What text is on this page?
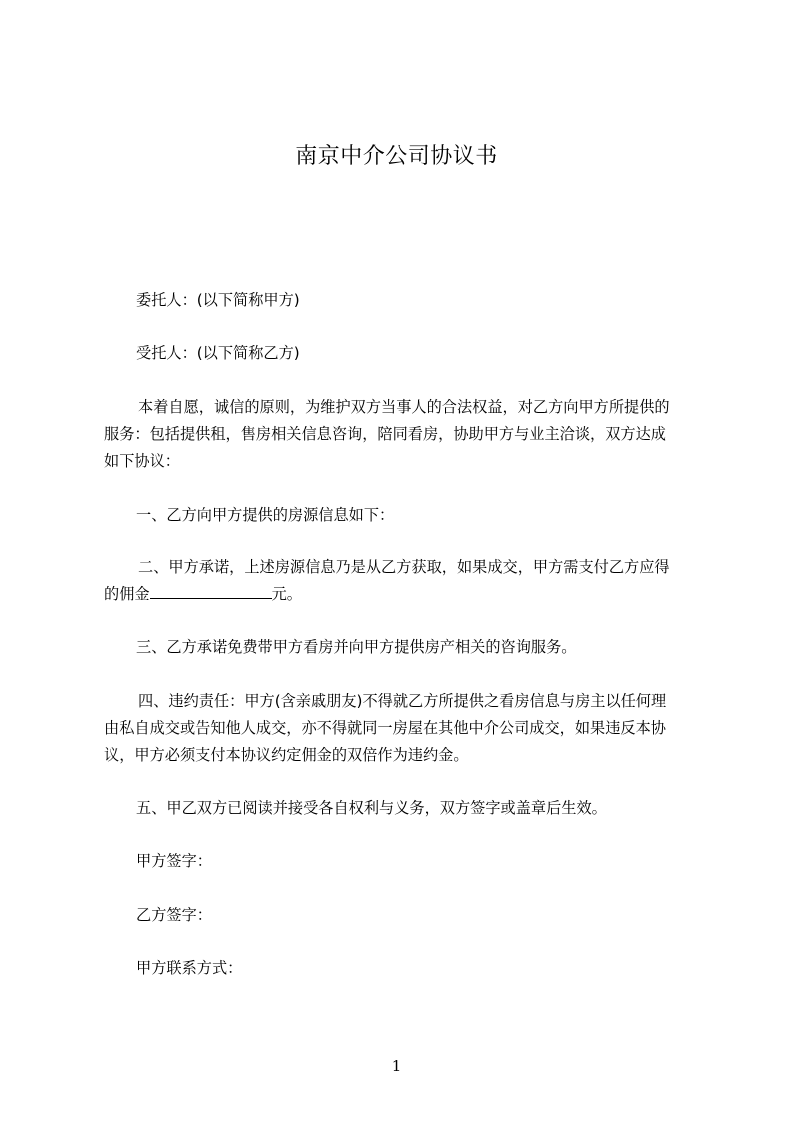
南京中介公司协议书
委托人：(以下简称甲方)
受托人：(以下简称乙方)
本着自愿，诚信的原则，为维护双方当事人的合法权益，对乙方向甲方所提供的
服务：包括提供租，售房相关信息咨询，陪同看房，协助甲方与业主洽谈，双方达成
如下协议：
一、乙方向甲方提供的房源信息如下：
二、甲方承诺，上述房源信息乃是从乙方获取，如果成交，甲方需支付乙方应得
的佣金	元。
三、乙方承诺免费带甲方看房并向甲方提供房产相关的咨询服务。
四、违约责任：甲方(含亲戚朋友)不得就乙方所提供之看房信息与房主以任何理
由私自成交或告知他人成交，亦不得就同一房屋在其他中介公司成交，如果违反本协
议，甲方必须支付本协议约定佣金的双倍作为违约金。
五、甲乙双方已阅读并接受各自权利与义务，双方签字或盖章后生效。
甲方签字：
乙方签字：
甲方联系方式：
1
